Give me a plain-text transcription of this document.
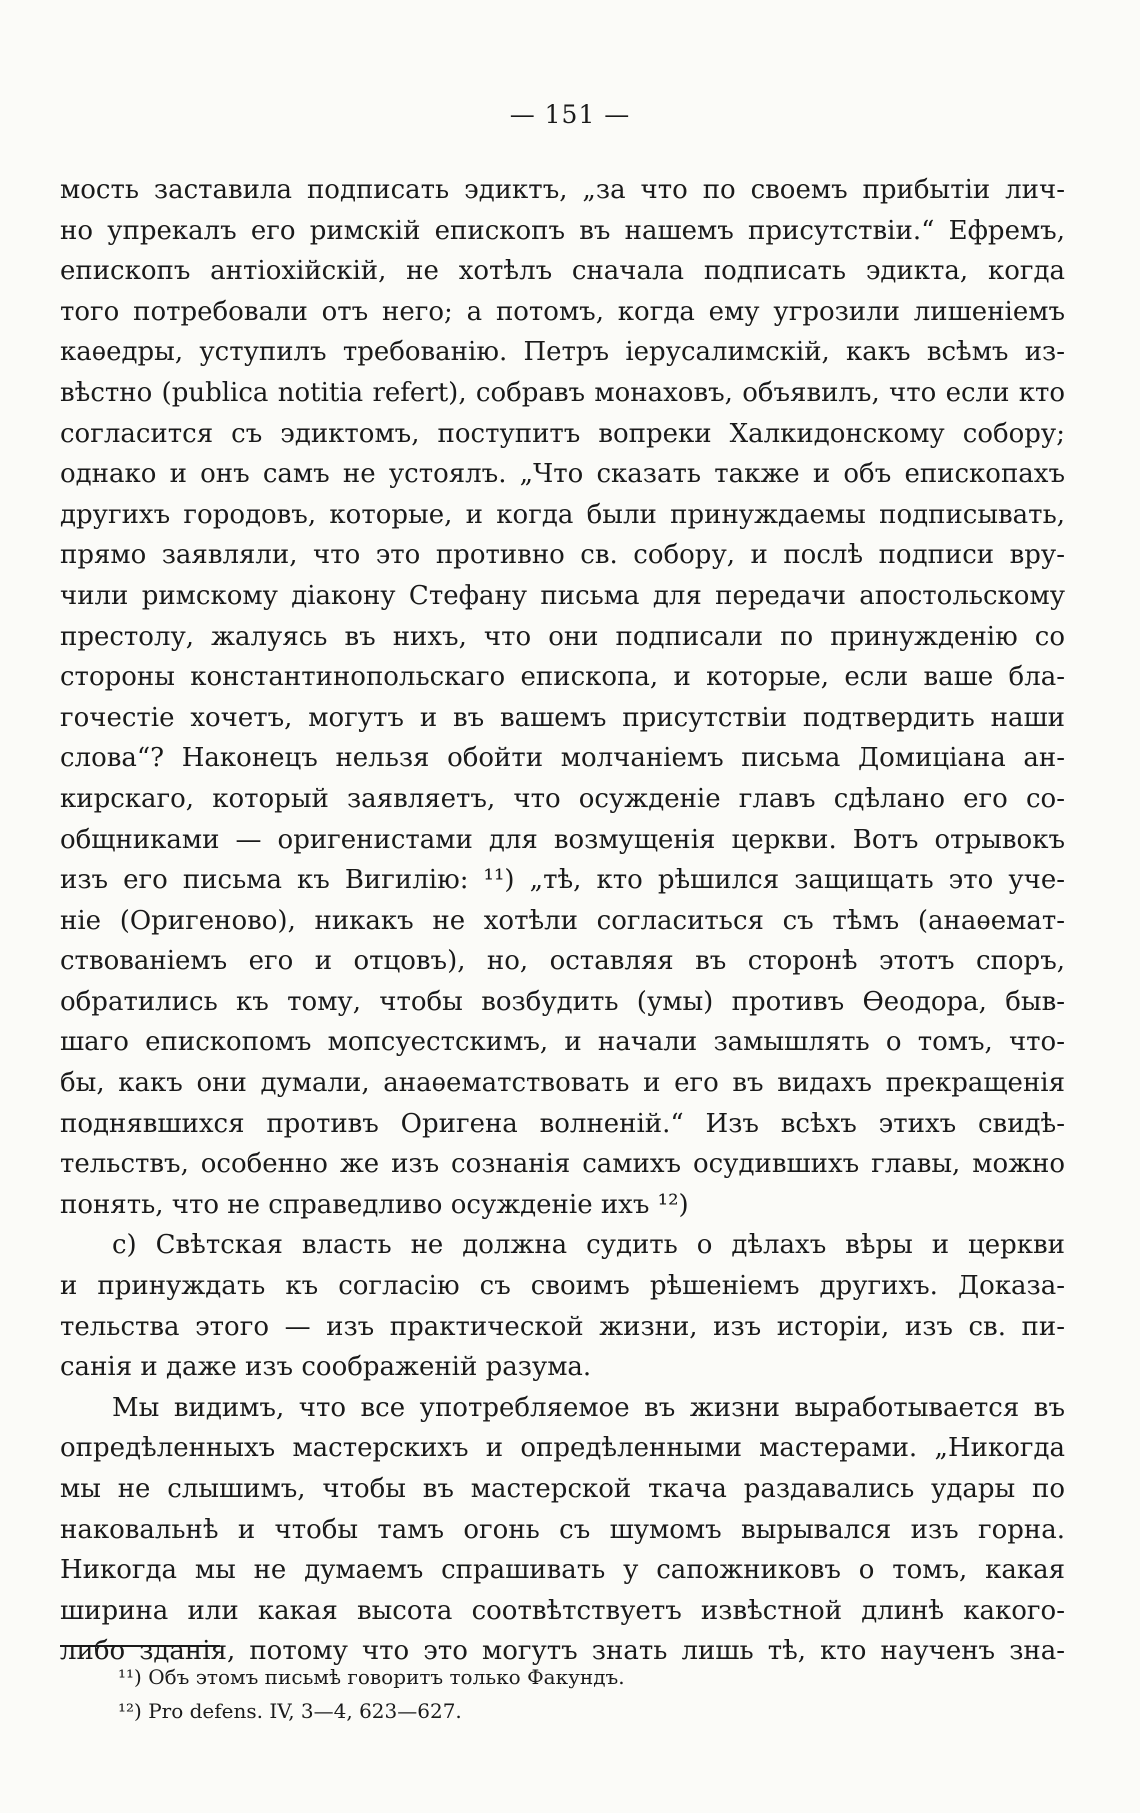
— 151 —
мость заставила подписать эдиктъ, „за что по своемъ прибытіи лич-
но упрекалъ его римскій епископъ въ нашемъ присутствіи.“ Ефремъ,
епископъ антіохійскій, не хотѣлъ сначала подписать эдикта, когда
того потребовали отъ него; а потомъ, когда ему угрозили лишеніемъ
каѳедры, уступилъ требованію. Петръ іерусалимскій, какъ всѣмъ из-
вѣстно (publica notitia refert), собравъ монаховъ, объявилъ, что если кто
согласится съ эдиктомъ, поступитъ вопреки Халкидонскому собору;
однако и онъ самъ не устоялъ. „Что сказать также и объ епископахъ
другихъ городовъ, которые, и когда были принуждаемы подписывать,
прямо заявляли, что это противно св. собору, и послѣ подписи вру-
чили римскому діакону Стефану письма для передачи апостольскому
престолу, жалуясь въ нихъ, что они подписали по принужденію со
стороны константинопольскаго епископа, и которые, если ваше бла-
гочестіе хочетъ, могутъ и въ вашемъ присутствіи подтвердить наши
слова“? Наконецъ нельзя обойти молчаніемъ письма Домиціана ан-
кирскаго, который заявляетъ, что осужденіе главъ сдѣлано его со-
общниками — оригенистами для возмущенія церкви. Вотъ отрывокъ
изъ его письма къ Вигилію: ¹¹) „тѣ, кто рѣшился защищать это уче-
ніе (Оригеново), никакъ не хотѣли согласиться съ тѣмъ (анаѳемат-
ствованіемъ его и отцовъ), но, оставляя въ сторонѣ этотъ споръ,
обратились къ тому, чтобы возбудить (умы) противъ Ѳеодора, быв-
шаго епископомъ мопсуестскимъ, и начали замышлять о томъ, что-
бы, какъ они думали, анаѳематствовать и его въ видахъ прекращенія
поднявшихся противъ Оригена волненій.“ Изъ всѣхъ этихъ свидѣ-
тельствъ, особенно же изъ сознанія самихъ осудившихъ главы, можно
понять, что не справедливо осужденіе ихъ ¹²)
с) Свѣтская власть не должна судить о дѣлахъ вѣры и церкви
и принуждать къ согласію съ своимъ рѣшеніемъ другихъ. Доказа-
тельства этого — изъ практической жизни, изъ исторіи, изъ св. пи-
санія и даже изъ соображеній разума.
Мы видимъ, что все употребляемое въ жизни выработывается въ
опредѣленныхъ мастерскихъ и опредѣленными мастерами. „Никогда
мы не слышимъ, чтобы въ мастерской ткача раздавались удары по
наковальнѣ и чтобы тамъ огонь съ шумомъ вырывался изъ горна.
Никогда мы не думаемъ спрашивать у сапожниковъ о томъ, какая
ширина или какая высота соотвѣтствуетъ извѣстной длинѣ какого-
либо зданія, потому что это могутъ знать лишь тѣ, кто наученъ зна-
¹¹) Объ этомъ письмѣ говоритъ только Факундъ.
¹²) Pro defens. IV, 3—4, 623—627.
